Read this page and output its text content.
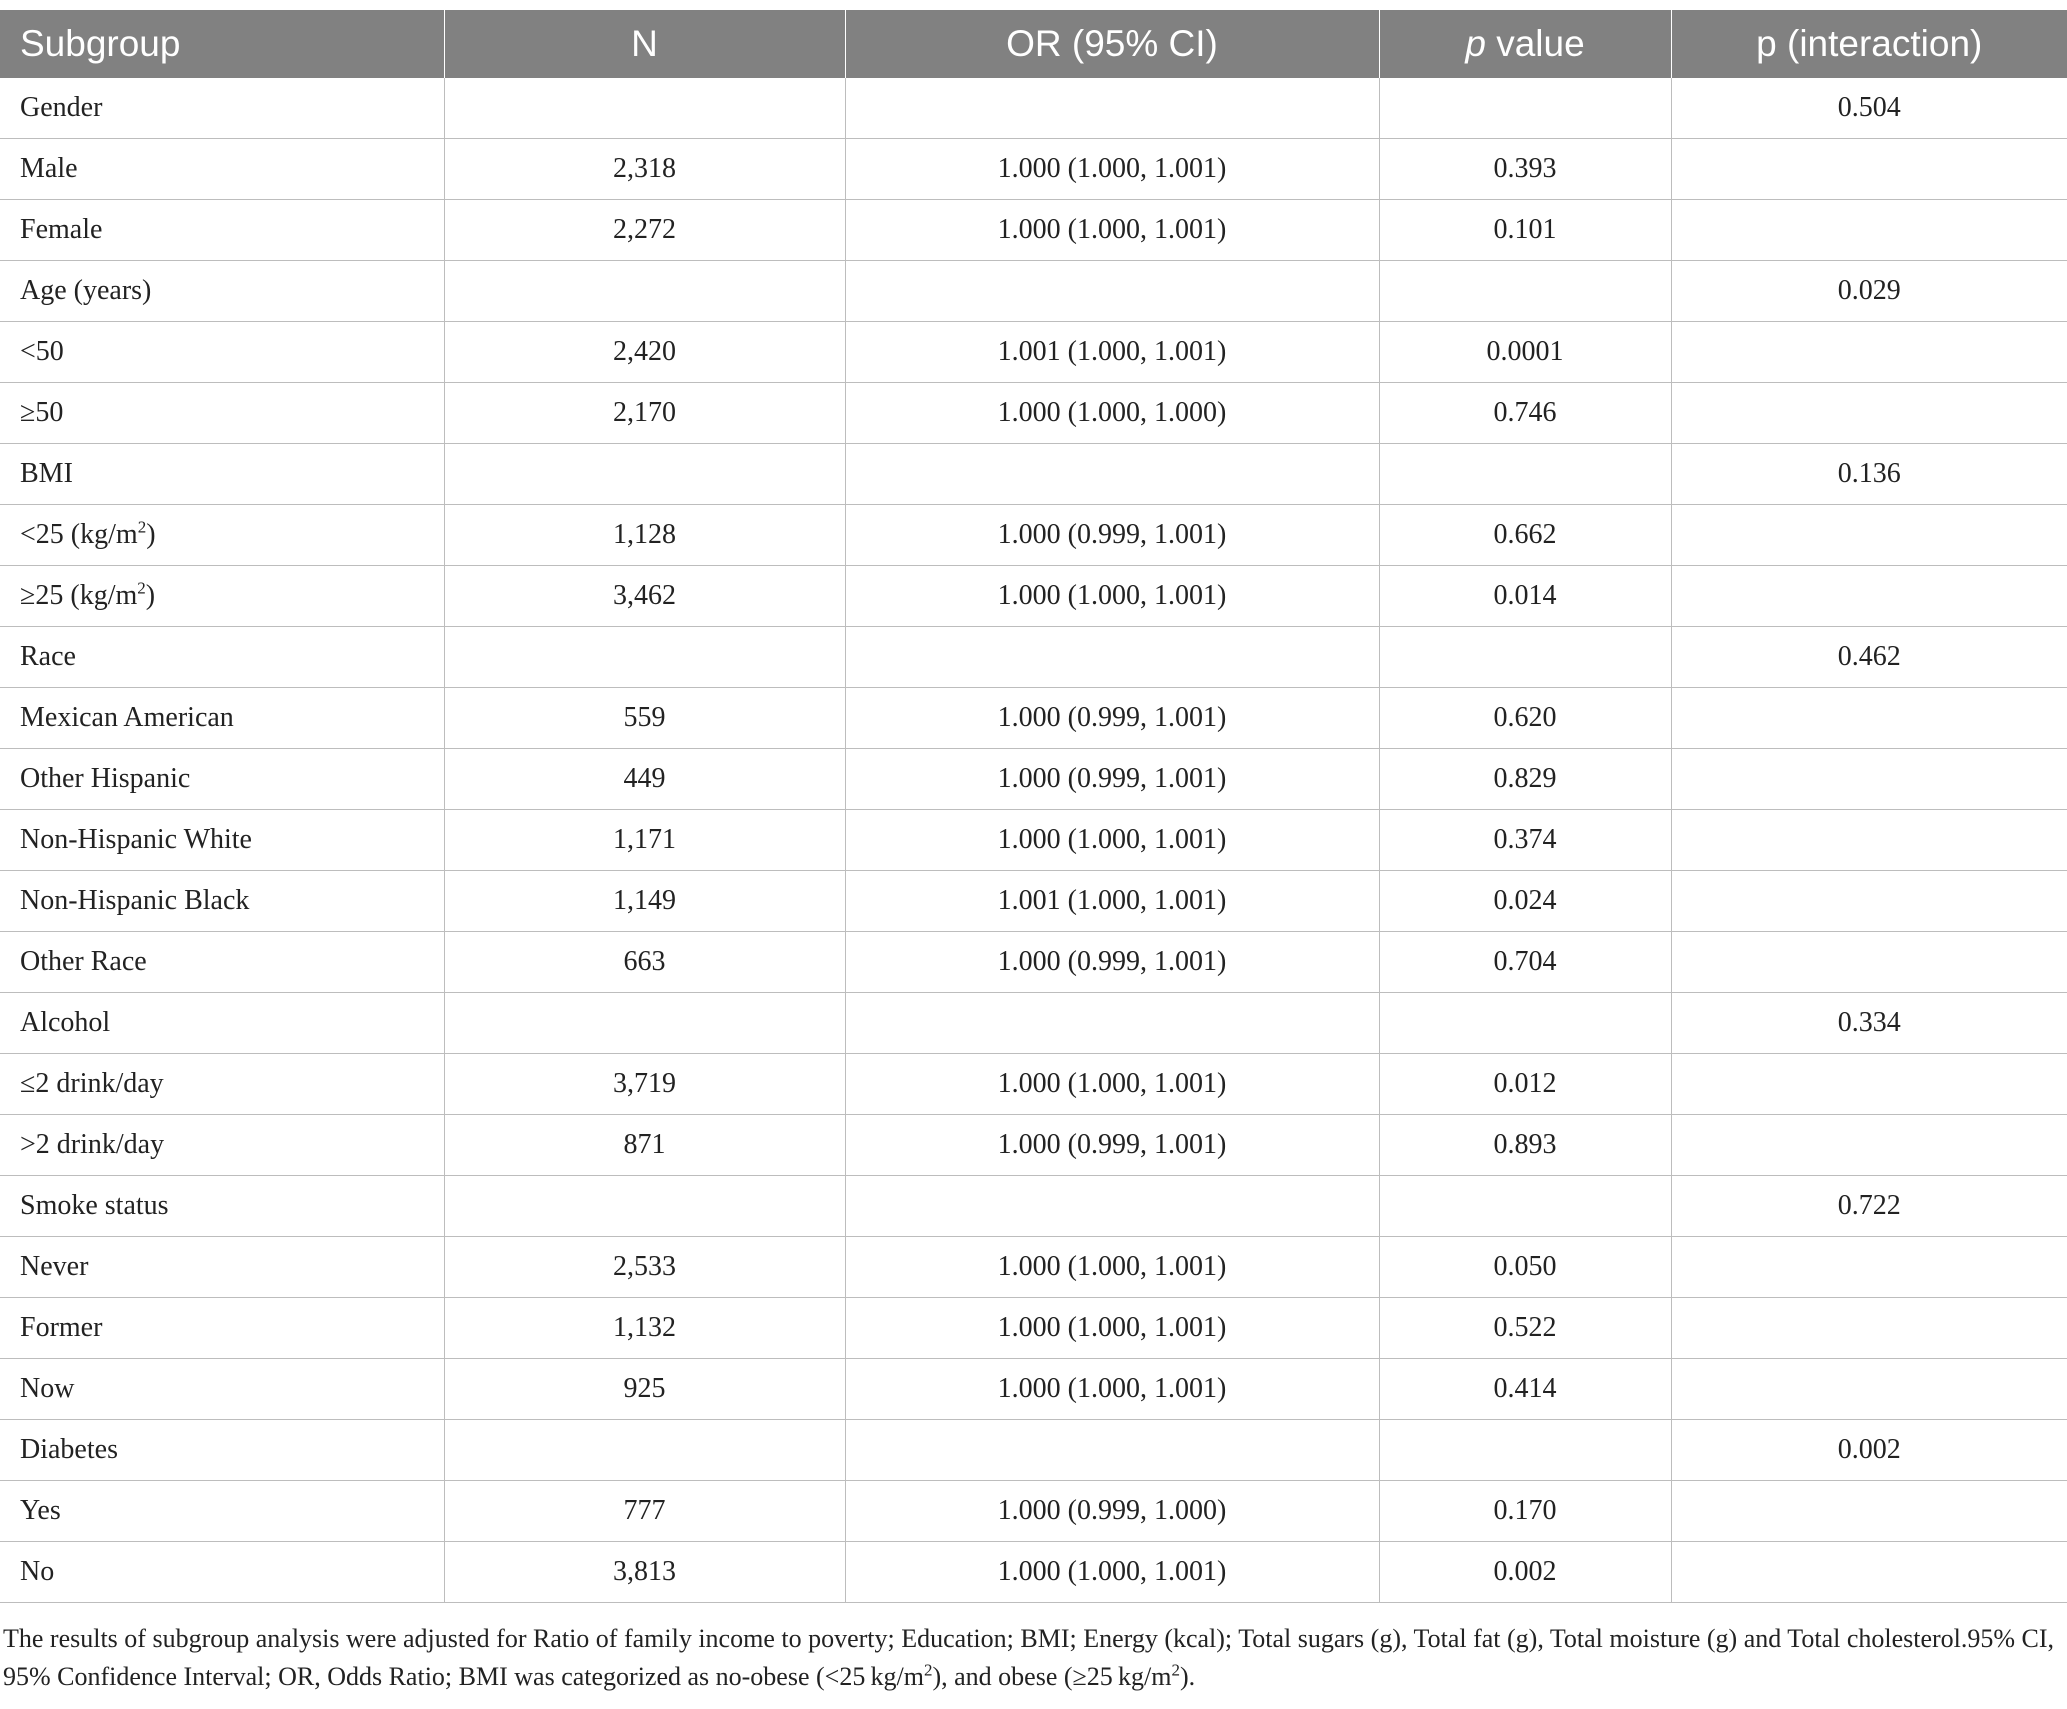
Subgroup	N	OR (95% CI)	p value	p (interaction)
Gender				0.504
Male	2,318	1.000 (1.000, 1.001)	0.393	
Female	2,272	1.000 (1.000, 1.001)	0.101	
Age (years)				0.029
<50	2,420	1.001 (1.000, 1.001)	0.0001	
≥50	2,170	1.000 (1.000, 1.000)	0.746	
BMI				0.136
<25 $(kg/m^2)$	1,128	1.000 (0.999, 1.001)	0.662	
≥25 $(kg/m^2)$	3,462	1.000 (1.000, 1.001)	0.014	
Race				0.462
Mexican American	559	1.000 (0.999, 1.001)	0.620	
Other Hispanic	449	1.000 (0.999, 1.001)	0.829	
Non-Hispanic White	1,171	1.000 (1.000, 1.001)	0.374	
Non-Hispanic Black	1,149	1.001 (1.000, 1.001)	0.024	
Other Race	663	1.000 (0.999, 1.001)	0.704	
Alcohol				0.334
≤2 drink/day	3,719	1.000 (1.000, 1.001)	0.012	
>2 drink/day	871	1.000 (0.999, 1.001)	0.893	
Smoke status				0.722
Never	2,533	1.000 (1.000, 1.001)	0.050	
Former	1,132	1.000 (1.000, 1.001)	0.522	
Now	925	1.000 (1.000, 1.001)	0.414	
Diabetes				0.002
Yes	777	1.000 (0.999, 1.000)	0.170	
No	3,813	1.000 (1.000, 1.001)	0.002	
The results of subgroup analysis were adjusted for Ratio of family income to poverty; Education; BMI; Energy (kcal); Total sugars (g), Total fat (g), Total moisture (g) and Total cholesterol.95% CI, 95% Confidence Interval; OR, Odds Ratio; BMI was categorized as no-obese (<25 $kg/m^2$), and obese (≥25 $kg/m^2$).
